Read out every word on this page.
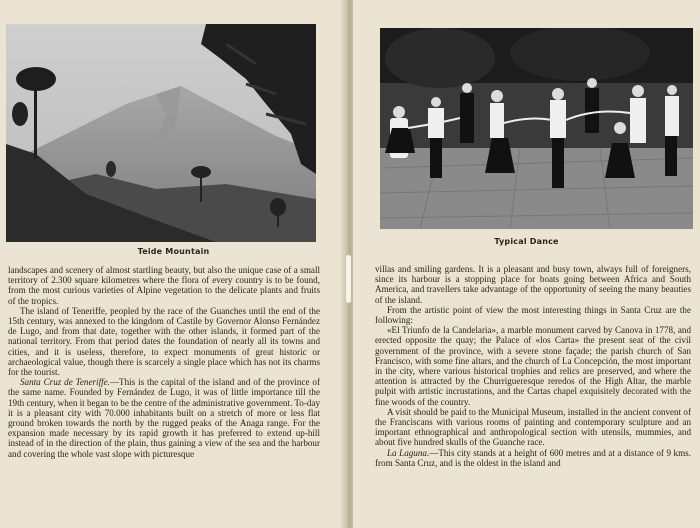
Teide Mountain

landscapes and scenery of almost startling beauty, but also the unique case of a small territory of 2.300 square kilometres where the flora of every country is to be found, from the most curious varieties of Alpine vegetation to the delicate plants and fruits of the tropics.

The island of Teneriffe, peopled by the race of the Guanches until the end of the 15th century, was annexed to the kingdom of Castile by Governor Alonso Fernández de Lugo, and from that date, together with the other islands, it formed part of the national territory. From that period dates the foundation of nearly all its towns and cities, and it is useless, therefore, to expect monuments of great historic or archaeological value, though there is scarcely a single place which has not its charms for the tourist.

Santa Cruz de Teneriffe.—This is the capital of the island and of the province of the same name. Founded by Fernández de Lugo, it was of little importance till the 19th century, when it began to be the centre of the administrative government. To-day it is a pleasant city with 70.000 inhabitants built on a stretch of more or less flat ground broken towards the north by the rugged peaks of the Anaga range. For the expansion made necessary by its rapid growth it has preferred to extend up-hill instead of in the direction of the plain, thus gaining a view of the sea and the harbour and covering the whole vast slope with picturesque

Typical Dance

villas and smiling gardens. It is a pleasant and busy town, always full of foreigners, since its harbour is a stopping place for boats going between Africa and South America, and travellers take advantage of the opportunity of seeing the many beauties of the island.

From the artistic point of view the most interesting things in Santa Cruz are the following:

«El Triunfo de la Candelaria», a marble monument carved by Canova in 1778, and erected opposite the quay; the Palace of «los Carta» the present seat of the civil government of the province, with a severe stone façade; the parish church of San Francisco, with some fine altars, and the church of La Concepción, the most important in the city, where various historical trophies and relics are preserved, and where the attention is attracted by the Churrigueresque reredos of the High Altar, the marble pulpit with artistic incrustations, and the Cartas chapel exquisitely decorated with the fine woods of the country.

A visit should be paid to the Municipal Museum, installed in the ancient convent of the Franciscans with various rooms of painting and contemporary sculpture and an important ethnographical and anthropological section with utensils, mummies, and about five hundred skulls of the Guanche race.

La Laguna.—This city stands at a height of 600 metres and at a distance of 9 kms. from Santa Cruz, and is the oldest in the island and
